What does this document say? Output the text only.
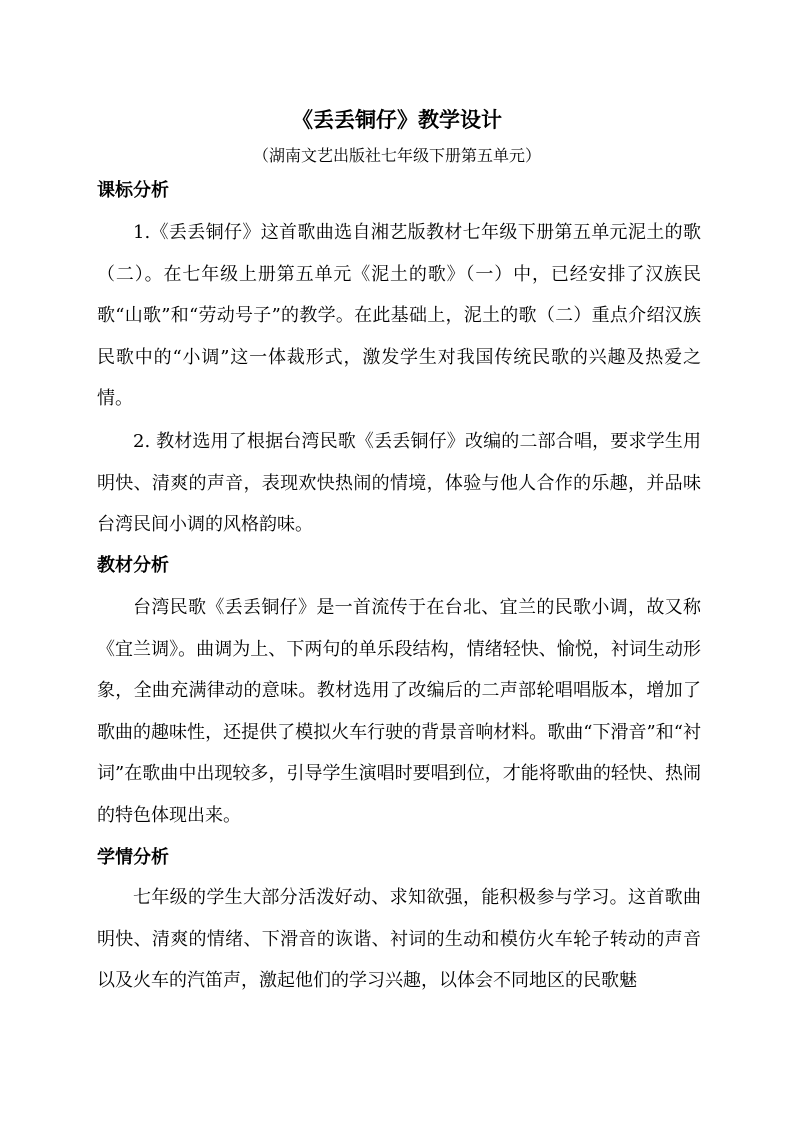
《丢丢铜仔》教学设计
（湖南文艺出版社七年级下册第五单元）
课标分析

1.《丢丢铜仔》这首歌曲选自湘艺版教材七年级下册第五单元泥土的歌（二）。在七年级上册第五单元《泥土的歌》（一）中，已经安排了汉族民歌“山歌”和“劳动号子”的教学。在此基础上，泥土的歌（二）重点介绍汉族民歌中的“小调”这一体裁形式，激发学生对我国传统民歌的兴趣及热爱之情。

2. 教材选用了根据台湾民歌《丢丢铜仔》改编的二部合唱，要求学生用明快、清爽的声音，表现欢快热闹的情境，体验与他人合作的乐趣，并品味台湾民间小调的风格韵味。

教材分析

台湾民歌《丢丢铜仔》是一首流传于在台北、宜兰的民歌小调，故又称《宜兰调》。曲调为上、下两句的单乐段结构，情绪轻快、愉悦，衬词生动形象，全曲充满律动的意味。教材选用了改编后的二声部轮唱唱版本，增加了歌曲的趣味性，还提供了模拟火车行驶的背景音响材料。歌曲“下滑音”和“衬词”在歌曲中出现较多，引导学生演唱时要唱到位，才能将歌曲的轻快、热闹的特色体现出来。

学情分析

七年级的学生大部分活泼好动、求知欲强，能积极参与学习。这首歌曲明快、清爽的情绪、下滑音的诙谐、衬词的生动和模仿火车轮子转动的声音以及火车的汽笛声，激起他们的学习兴趣，以体会不同地区的民歌魅
